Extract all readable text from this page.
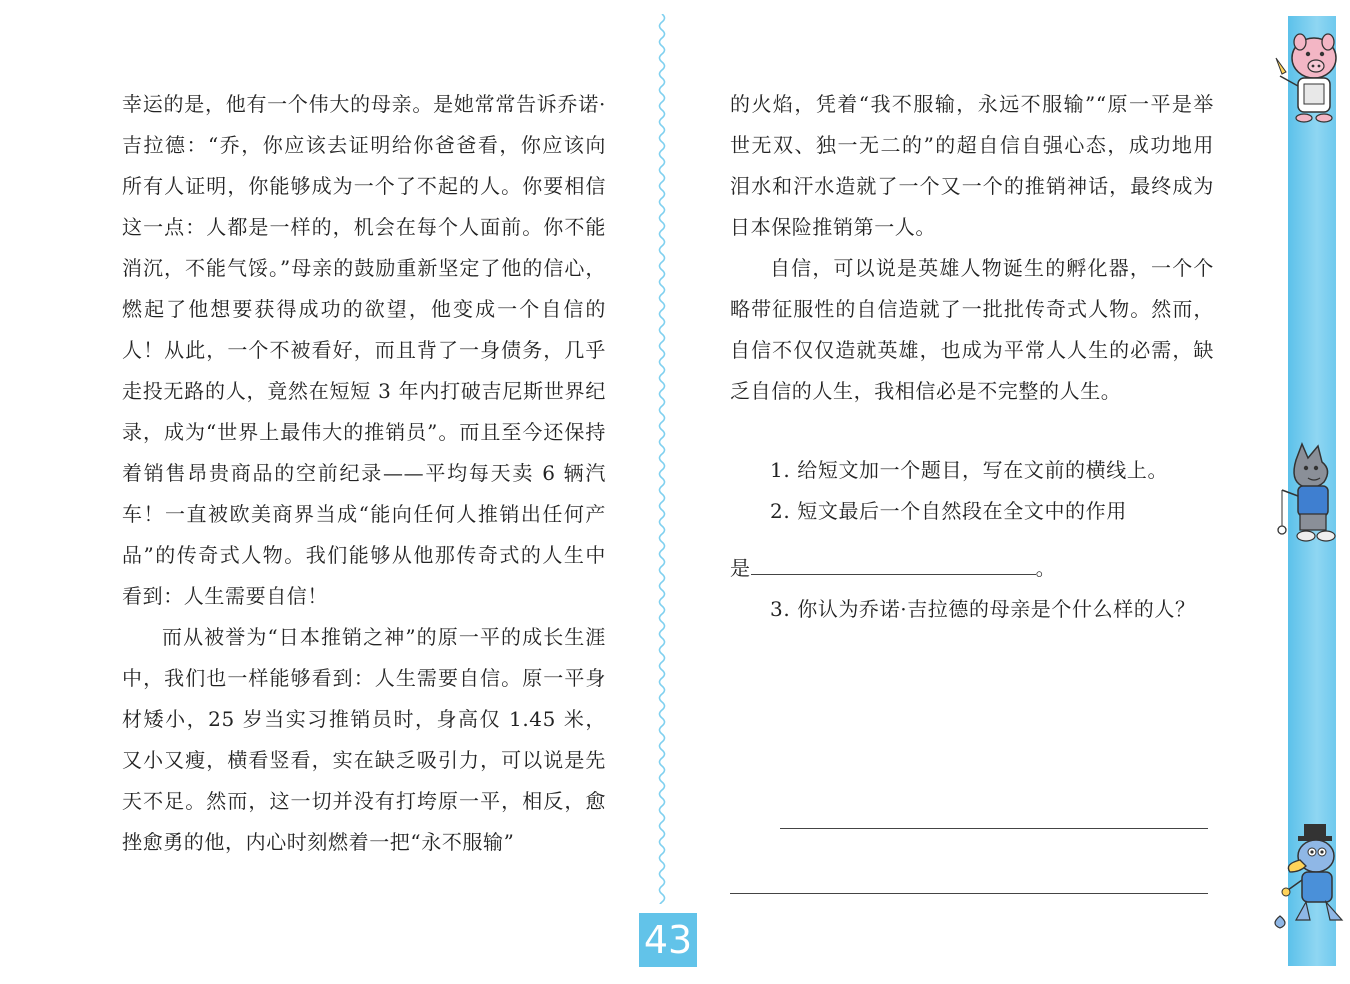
幸运的是，他有一个伟大的母亲。是她常常告诉乔诺·吉拉德：“乔，你应该去证明给你爸爸看，你应该向所有人证明，你能够成为一个了不起的人。你要相信这一点：人都是一样的，机会在每个人面前。你不能消沉，不能气馁。”母亲的鼓励重新坚定了他的信心，燃起了他想要获得成功的欲望，他变成一个自信的人！从此，一个不被看好，而且背了一身债务，几乎走投无路的人，竟然在短短 3 年内打破吉尼斯世界纪录，成为“世界上最伟大的推销员”。而且至今还保持着销售昂贵商品的空前纪录——平均每天卖 6 辆汽车！一直被欧美商界当成“能向任何人推销出任何产品”的传奇式人物。我们能够从他那传奇式的人生中看到：人生需要自信！

而从被誉为“日本推销之神”的原一平的成长生涯中，我们也一样能够看到：人生需要自信。原一平身材矮小，25 岁当实习推销员时，身高仅 1.45 米，又小又瘦，横看竖看，实在缺乏吸引力，可以说是先天不足。然而，这一切并没有打垮原一平，相反，愈挫愈勇的他，内心时刻燃着一把“永不服输”

43

的火焰，凭着“我不服输，永远不服输”“原一平是举世无双、独一无二的”的超自信自强心态，成功地用泪水和汗水造就了一个又一个的推销神话，最终成为日本保险推销第一人。

自信，可以说是英雄人物诞生的孵化器，一个个略带征服性的自信造就了一批批传奇式人物。然而，自信不仅仅造就英雄，也成为平常人人生的必需，缺乏自信的人生，我相信必是不完整的人生。

1. 给短文加一个题目，写在文前的横线上。

2. 短文最后一个自然段在全文中的作用

是	。

3. 你认为乔诺·吉拉德的母亲是个什么样的人？
